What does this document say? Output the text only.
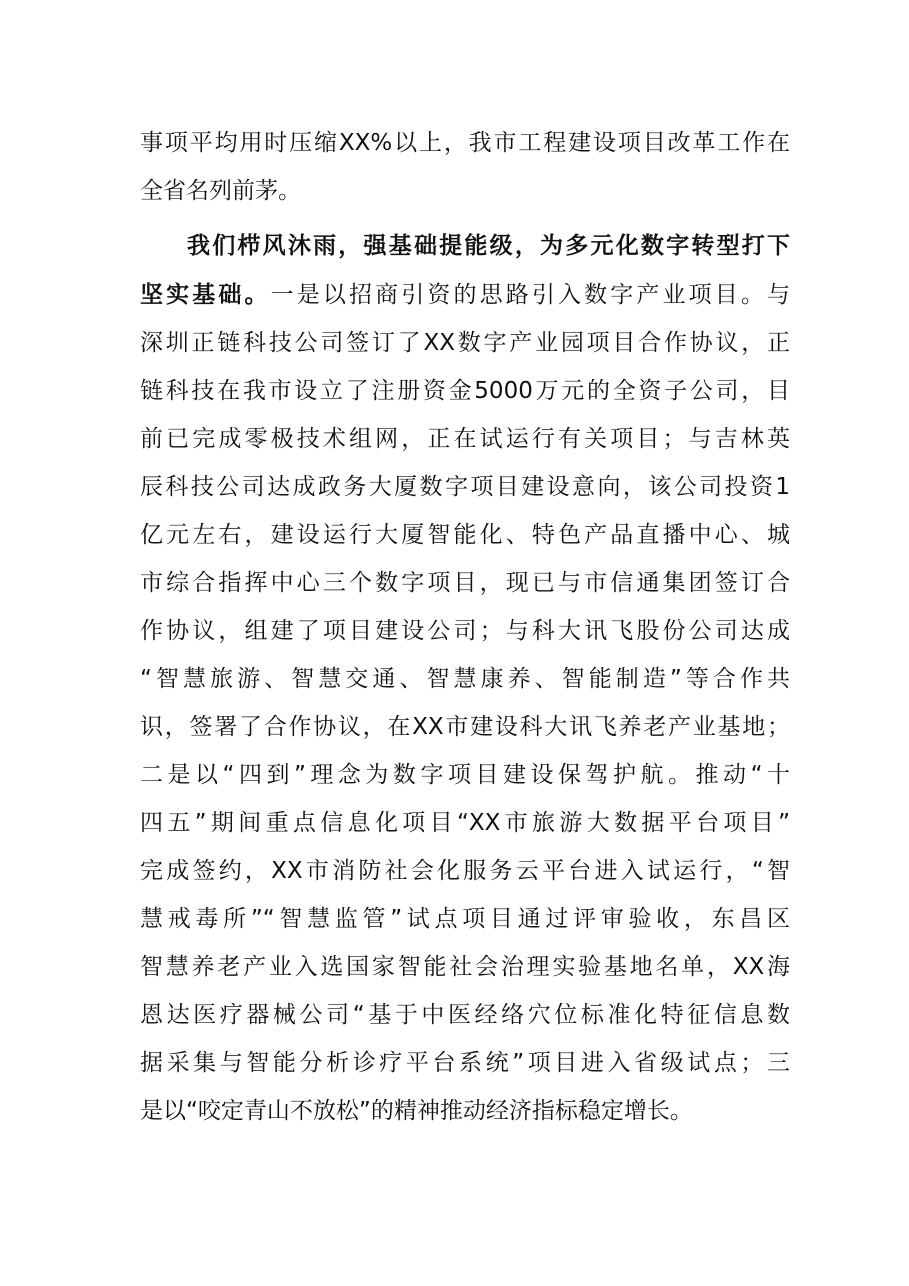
事项平均用时压缩XX%以上，我市工程建设项目改革工作在
全省名列前茅。
我们栉风沐雨，强基础提能级，为多元化数字转型打下
坚实基础。一是以招商引资的思路引入数字产业项目。与
深圳正链科技公司签订了XX数字产业园项目合作协议，正
链科技在我市设立了注册资金5000万元的全资子公司，目
前已完成零极技术组网，正在试运行有关项目；与吉林英
辰科技公司达成政务大厦数字项目建设意向，该公司投资1
亿元左右，建设运行大厦智能化、特色产品直播中心、城
市综合指挥中心三个数字项目，现已与市信通集团签订合
作协议，组建了项目建设公司；与科大讯飞股份公司达成
“智慧旅游、智慧交通、智慧康养、智能制造”等合作共
识，签署了合作协议，在XX市建设科大讯飞养老产业基地；
二是以“四到”理念为数字项目建设保驾护航。推动“十
四五”期间重点信息化项目“XX市旅游大数据平台项目”
完成签约，XX市消防社会化服务云平台进入试运行，“智
慧戒毒所”“智慧监管”试点项目通过评审验收，东昌区
智慧养老产业入选国家智能社会治理实验基地名单，XX海
恩达医疗器械公司“基于中医经络穴位标准化特征信息数
据采集与智能分析诊疗平台系统”项目进入省级试点；三
是以“咬定青山不放松”的精神推动经济指标稳定增长。
